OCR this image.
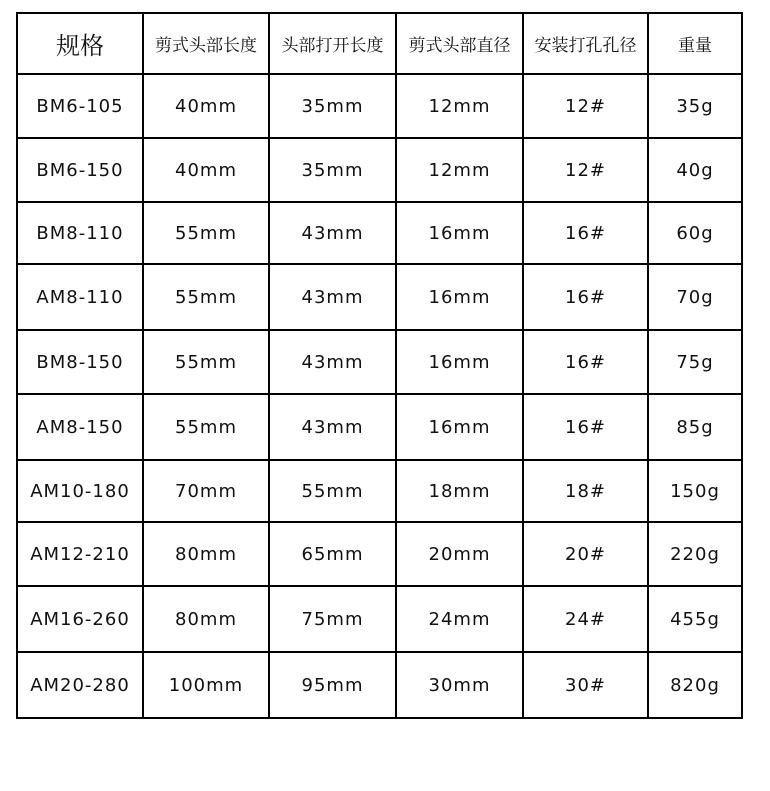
规格	剪式头部长度	头部打开长度	剪式头部直径	安装打孔孔径	重量
BM6-105	40mm	35mm	12mm	12#	35g
BM6-150	40mm	35mm	12mm	12#	40g
BM8-110	55mm	43mm	16mm	16#	60g
AM8-110	55mm	43mm	16mm	16#	70g
BM8-150	55mm	43mm	16mm	16#	75g
AM8-150	55mm	43mm	16mm	16#	85g
AM10-180	70mm	55mm	18mm	18#	150g
AM12-210	80mm	65mm	20mm	20#	220g
AM16-260	80mm	75mm	24mm	24#	455g
AM20-280	100mm	95mm	30mm	30#	820g
